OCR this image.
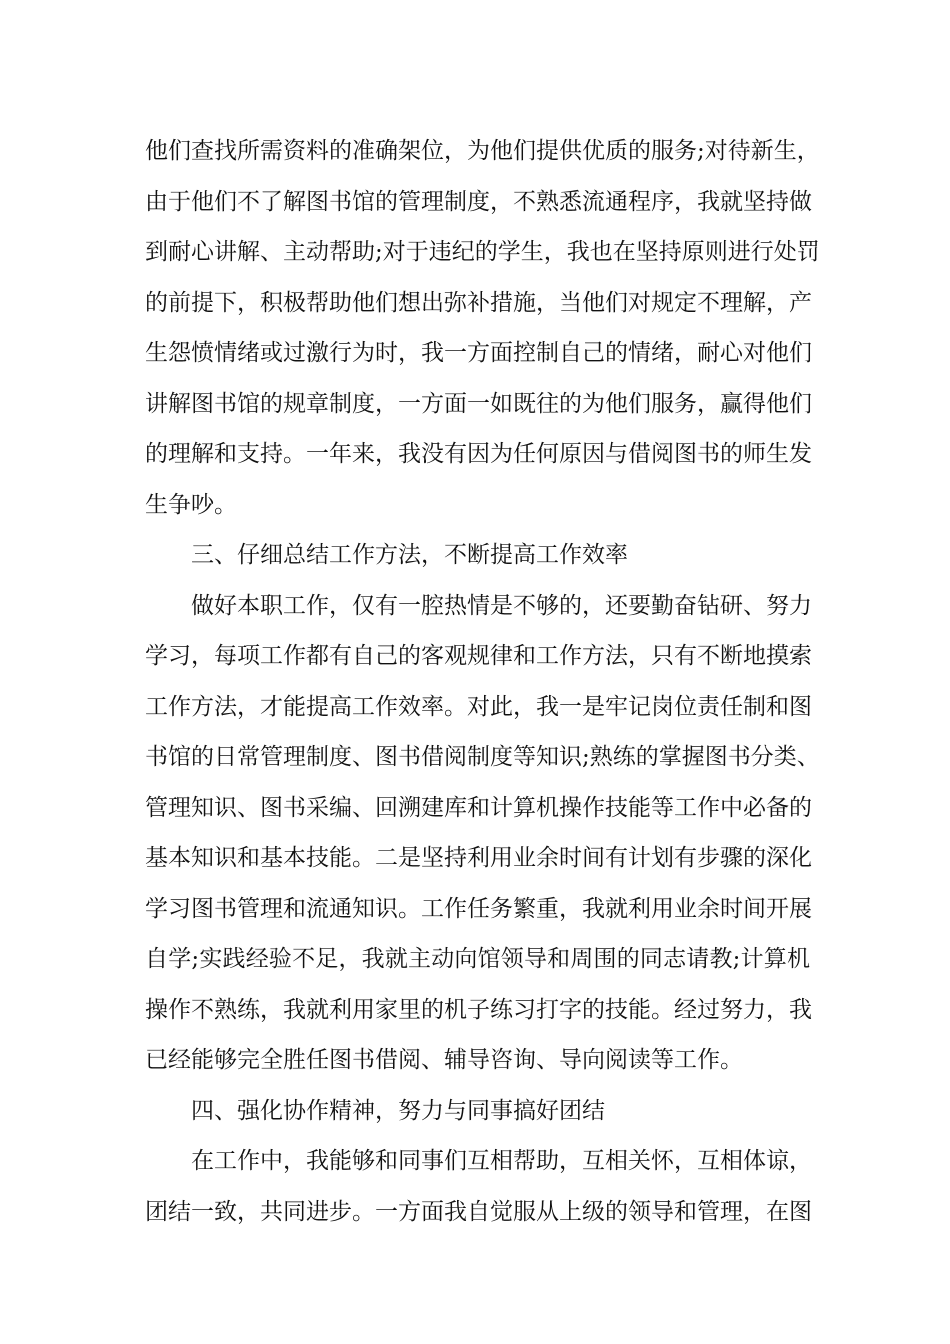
他们查找所需资料的准确架位，为他们提供优质的服务;对待新生，
由于他们不了解图书馆的管理制度，不熟悉流通程序，我就坚持做
到耐心讲解、主动帮助;对于违纪的学生，我也在坚持原则进行处罚
的前提下，积极帮助他们想出弥补措施，当他们对规定不理解，产
生怨愤情绪或过激行为时，我一方面控制自己的情绪，耐心对他们
讲解图书馆的规章制度，一方面一如既往的为他们服务，赢得他们
的理解和支持。一年来，我没有因为任何原因与借阅图书的师生发
生争吵。
三、仔细总结工作方法，不断提高工作效率
做好本职工作，仅有一腔热情是不够的，还要勤奋钻研、努力
学习，每项工作都有自己的客观规律和工作方法，只有不断地摸索
工作方法，才能提高工作效率。对此，我一是牢记岗位责任制和图
书馆的日常管理制度、图书借阅制度等知识;熟练的掌握图书分类、
管理知识、图书采编、回溯建库和计算机操作技能等工作中必备的
基本知识和基本技能。二是坚持利用业余时间有计划有步骤的深化
学习图书管理和流通知识。工作任务繁重，我就利用业余时间开展
自学;实践经验不足，我就主动向馆领导和周围的同志请教;计算机
操作不熟练，我就利用家里的机子练习打字的技能。经过努力，我
已经能够完全胜任图书借阅、辅导咨询、导向阅读等工作。
四、强化协作精神，努力与同事搞好团结
在工作中，我能够和同事们互相帮助，互相关怀，互相体谅，
团结一致，共同进步。一方面我自觉服从上级的领导和管理，在图
